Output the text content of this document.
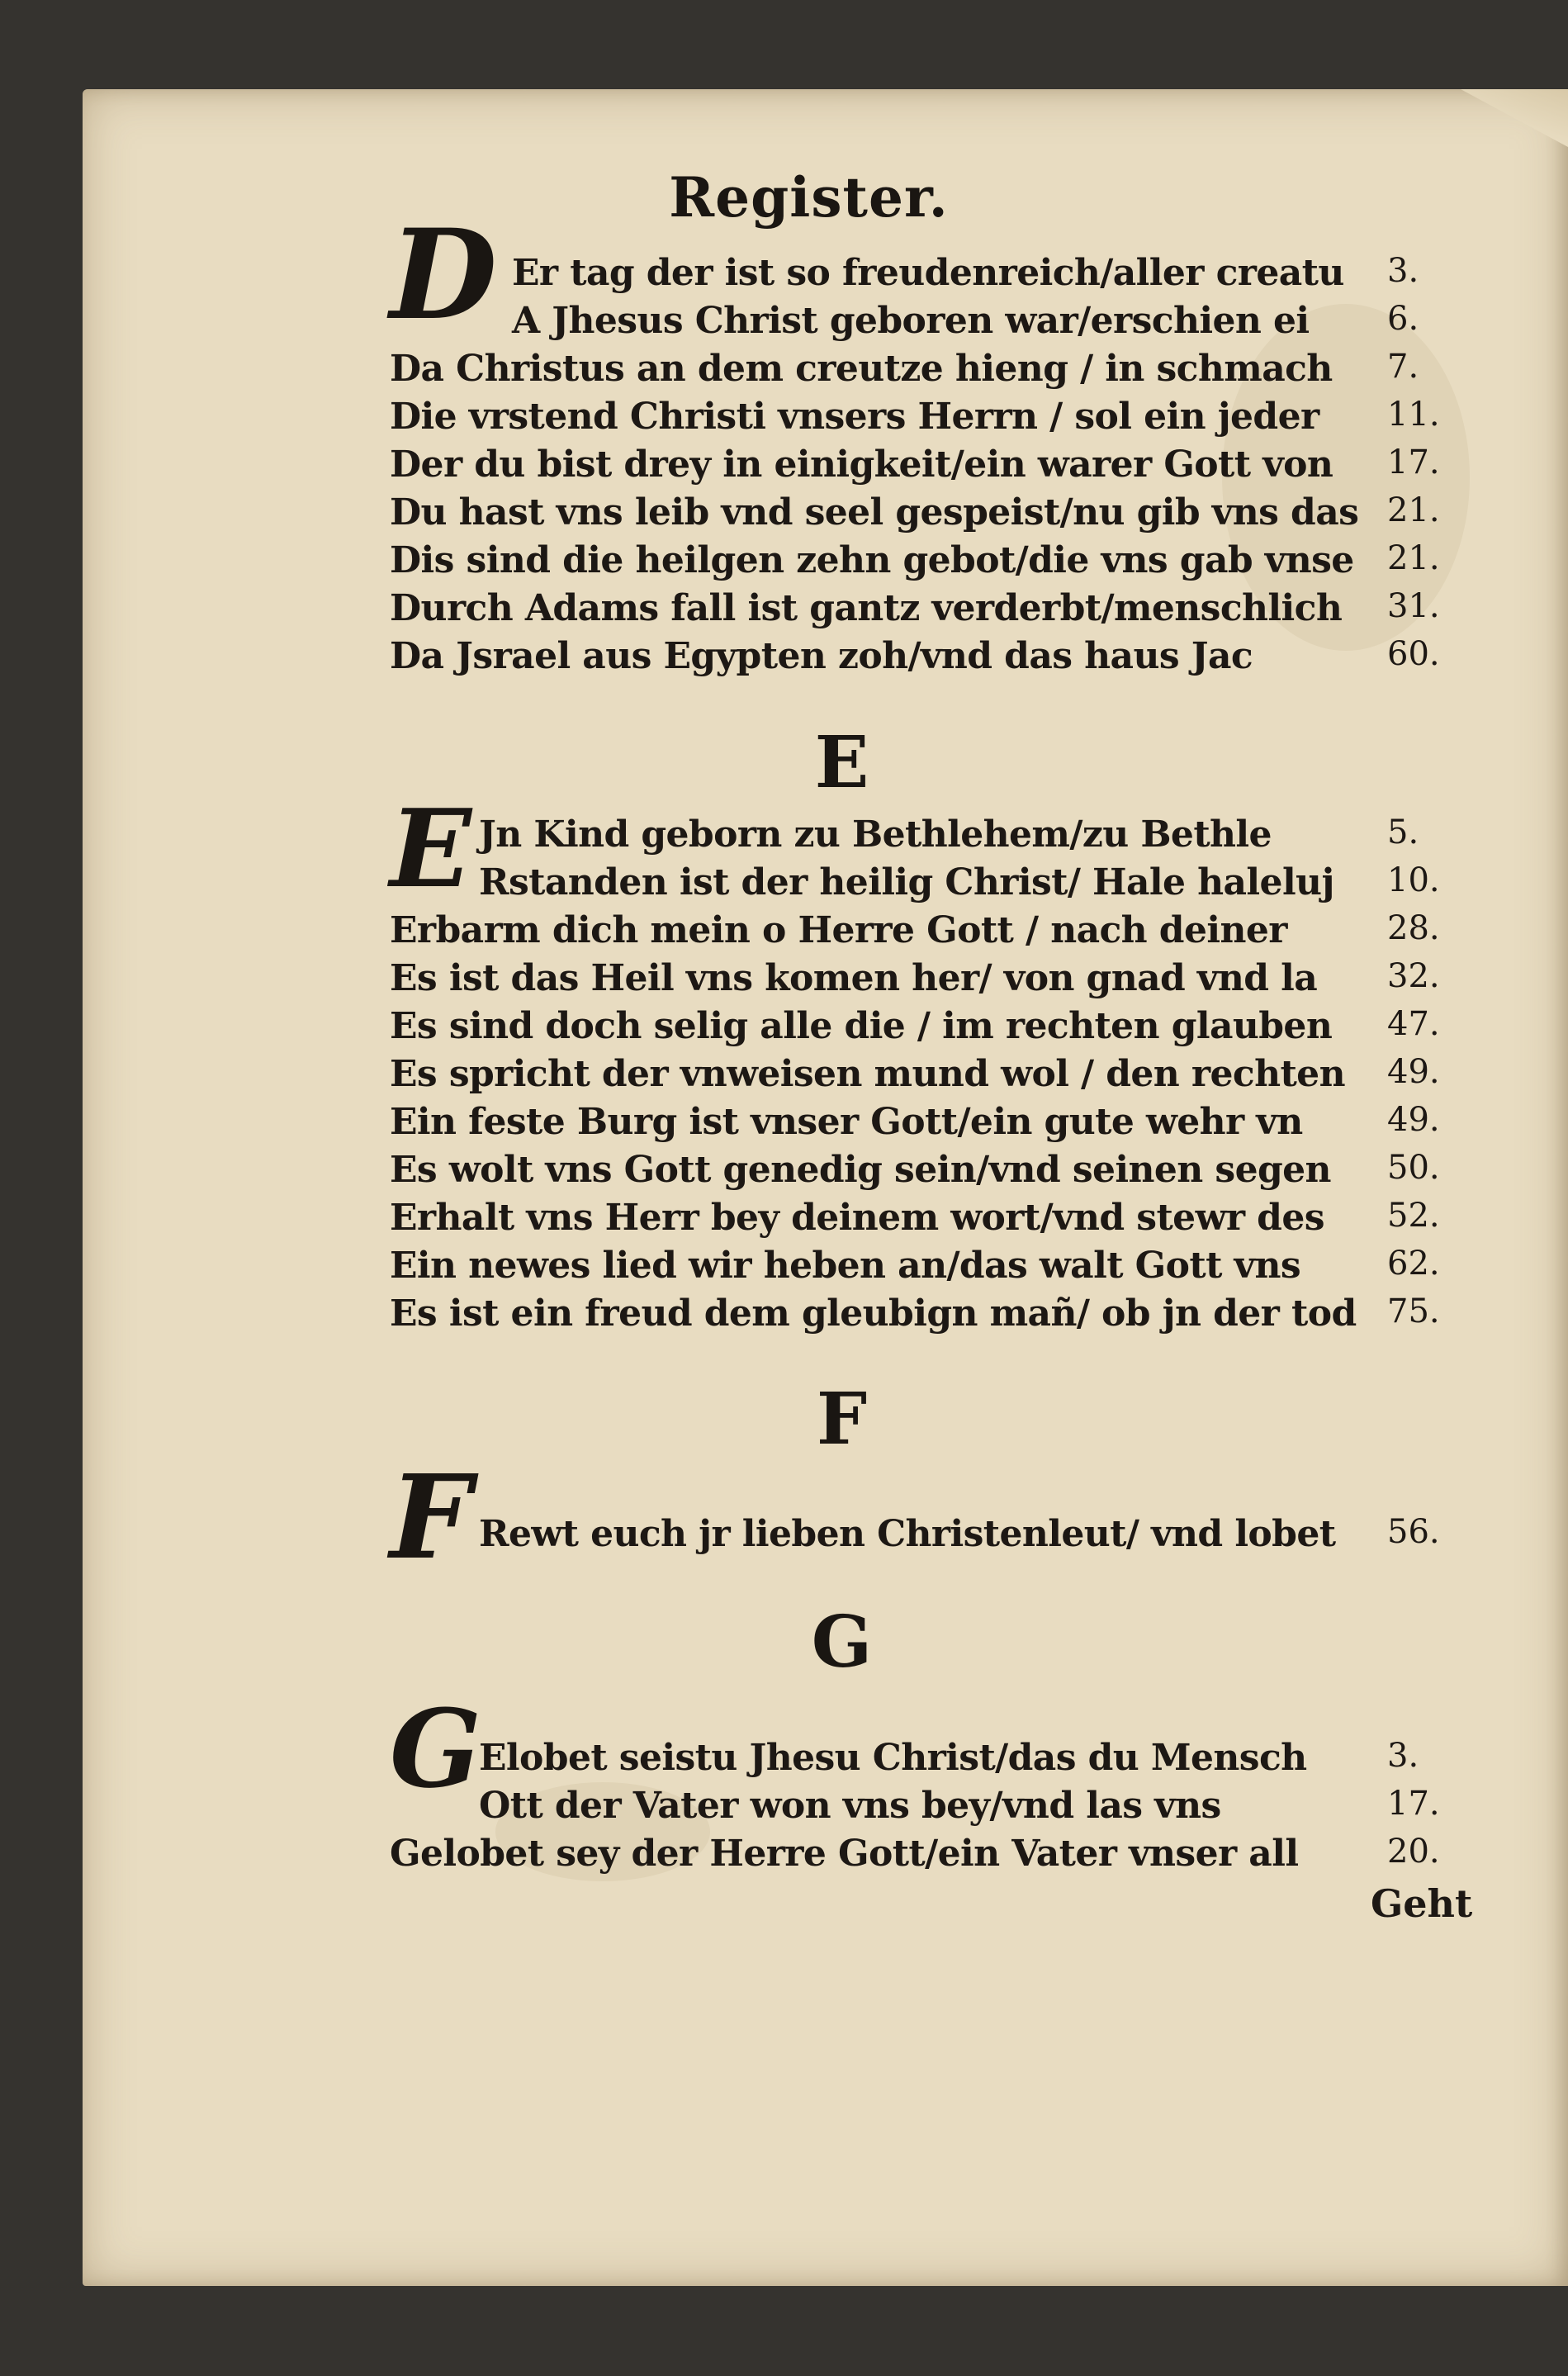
Register.
D Er tag der ist so freudenreich/aller creatu 3.
A Jhesus Christ geboren war/erschien ei 6.
Da Christus an dem creutze hieng / in schmach 7.
Die vrstend Christi vnsers Herrn / sol ein jeder 11.
Der du bist drey in einigkeit/ein warer Gott von 17.
Du hast vns leib vnd seel gespeist/nu gib vns das 21.
Dis sind die heilgen zehn gebot/die vns gab vnse 21.
Durch Adams fall ist gantz verderbt/menschlich 31.
Da Jsrael aus Egypten zoh/vnd das haus Jac	60.
E
E Jn Kind geborn zu Bethlehem/zu Bethle	5.
Rstanden ist der heilig Christ/ Hale haleluj 10.
Erbarm dich mein o Herre Gott / nach deiner	28.
Es ist das Heil vns komen her/ von gnad vnd la 32.
Es sind doch selig alle die / im rechten glauben 47.
Es spricht der vnweisen mund wol / den rechten 49.
Ein feste Burg ist vnser Gott/ein gute wehr vn	49.
Es wolt vns Gott genedig sein/vnd seinen segen 50.
Erhalt vns Herr bey deinem wort/vnd stewr des 52.
Ein newes lied wir heben an/das walt Gott vns	62.
Es ist ein freud dem gleubign mañ/ ob jn der tod 75.
F
F Rewt euch jr lieben Christenleut/ vnd lobet 56.
G
G
Elobet seistu Jhesu Christ/das du Mensch 3.
Ott der Vater won vns bey/vnd las vns	17.
Gelobet sey der Herre Gott/ein Vater vnser all	20.
Geht
